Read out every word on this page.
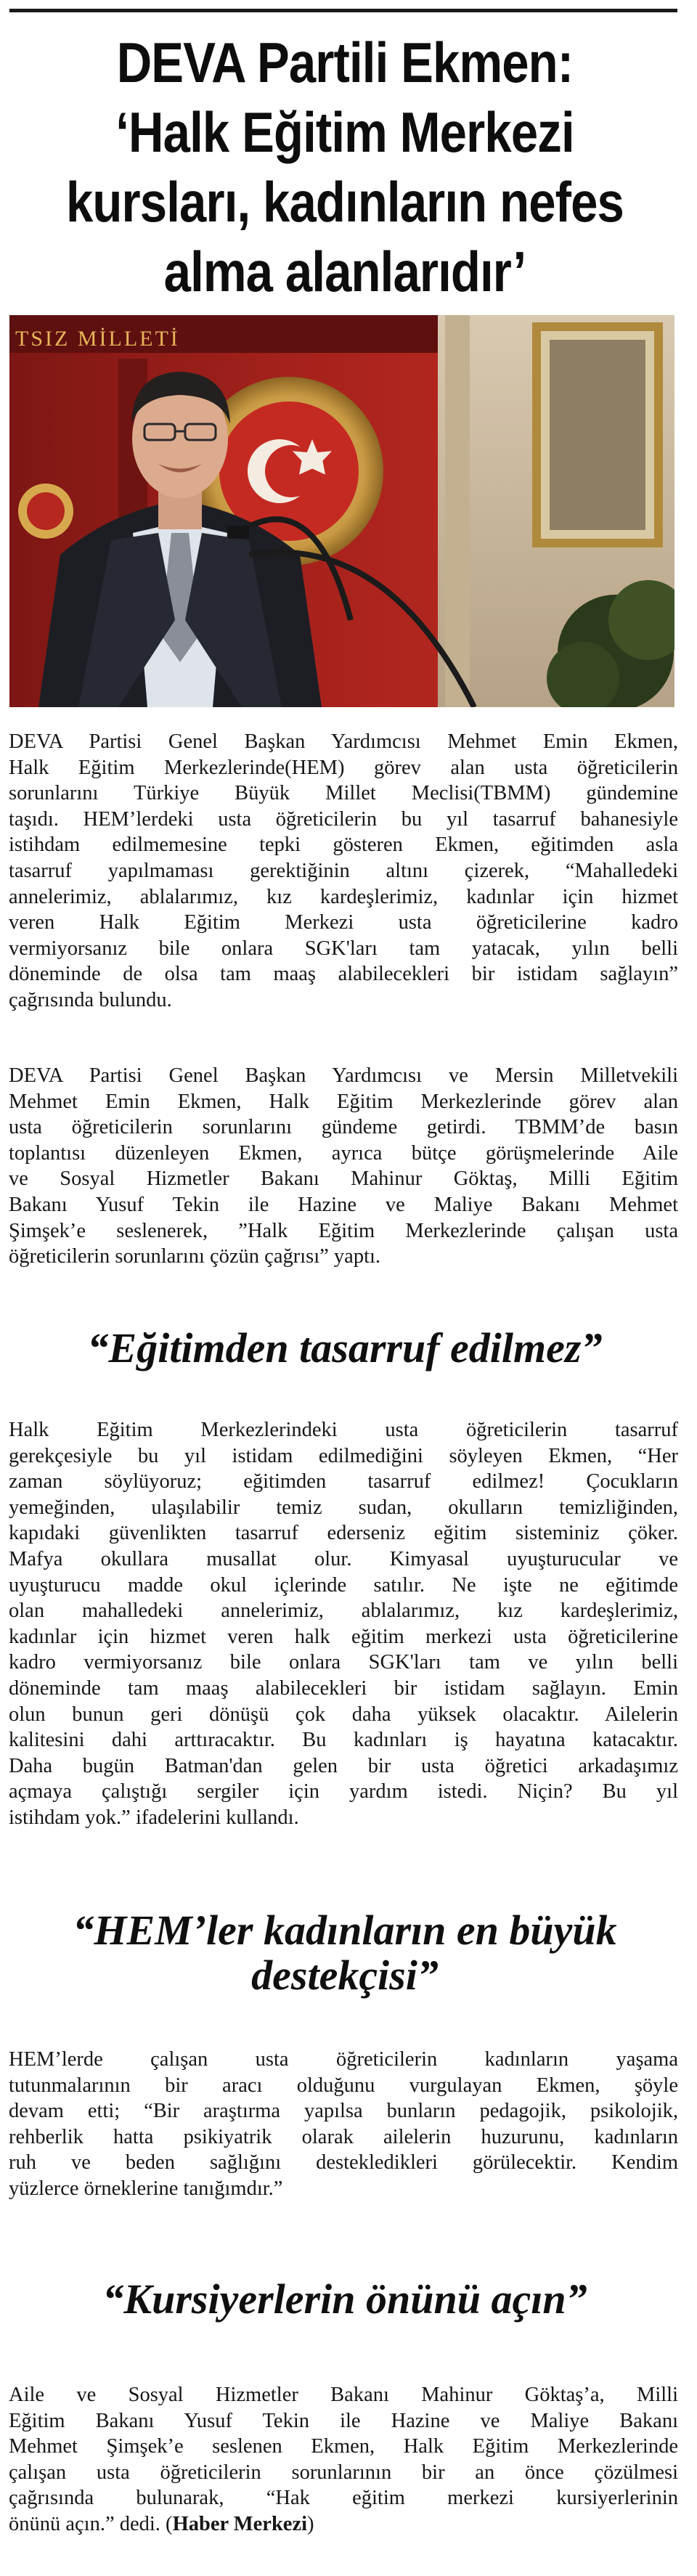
DEVA Partili Ekmen:
‘Halk Eğitim Merkezi
kursları, kadınların nefes
alma alanlarıdır’
TSIZ MİLLETİ

DEVA Partisi Genel Başkan Yardımcısı Mehmet Emin Ekmen,
Halk Eğitim Merkezlerinde(HEM) görev alan usta öğreticilerin
sorunlarını Türkiye Büyük Millet Meclisi(TBMM) gündemine
taşıdı. HEM’lerdeki usta öğreticilerin bu yıl tasarruf bahanesiyle
istihdam edilmemesine tepki gösteren Ekmen, eğitimden asla
tasarruf yapılmaması gerektiğinin altını çizerek, “Mahalledeki
annelerimiz, ablalarımız, kız kardeşlerimiz, kadınlar için hizmet
veren Halk Eğitim Merkezi usta öğreticilerine kadro
vermiyorsanız bile onlara SGK'ları tam yatacak, yılın belli
döneminde de olsa tam maaş alabilecekleri bir istidam sağlayın”
çağrısında bulundu.

DEVA Partisi Genel Başkan Yardımcısı ve Mersin Milletvekili
Mehmet Emin Ekmen, Halk Eğitim Merkezlerinde görev alan
usta öğreticilerin sorunlarını gündeme getirdi. TBMM’de basın
toplantısı düzenleyen Ekmen, ayrıca bütçe görüşmelerinde Aile
ve Sosyal Hizmetler Bakanı Mahinur Göktaş, Milli Eğitim
Bakanı Yusuf Tekin ile Hazine ve Maliye Bakanı Mehmet
Şimşek’e seslenerek, ”Halk Eğitim Merkezlerinde çalışan usta
öğreticilerin sorunlarını çözün çağrısı” yaptı.

“Eğitimden tasarruf edilmez”

Halk Eğitim Merkezlerindeki usta öğreticilerin tasarruf
gerekçesiyle bu yıl istidam edilmediğini söyleyen Ekmen, “Her
zaman söylüyoruz; eğitimden tasarruf edilmez! Çocukların
yemeğinden, ulaşılabilir temiz sudan, okulların temizliğinden,
kapıdaki güvenlikten tasarruf ederseniz eğitim sisteminiz çöker.
Mafya okullara musallat olur. Kimyasal uyuşturucular ve
uyuşturucu madde okul içlerinde satılır. Ne işte ne eğitimde
olan mahalledeki annelerimiz, ablalarımız, kız kardeşlerimiz,
kadınlar için hizmet veren halk eğitim merkezi usta öğreticilerine
kadro vermiyorsanız bile onlara SGK'ları tam ve yılın belli
döneminde tam maaş alabilecekleri bir istidam sağlayın. Emin
olun bunun geri dönüşü çok daha yüksek olacaktır. Ailelerin
kalitesini dahi arttıracaktır. Bu kadınları iş hayatına katacaktır.
Daha bugün Batman'dan gelen bir usta öğretici arkadaşımız
açmaya çalıştığı sergiler için yardım istedi. Niçin? Bu yıl
istihdam yok.” ifadelerini kullandı.

“HEM’ler kadınların en büyük
destekçisi”

HEM’lerde çalışan usta öğreticilerin kadınların yaşama
tutunmalarının bir aracı olduğunu vurgulayan Ekmen, şöyle
devam etti; “Bir araştırma yapılsa bunların pedagojik, psikolojik,
rehberlik hatta psikiyatrik olarak ailelerin huzurunu, kadınların
ruh ve beden sağlığını destekledikleri görülecektir. Kendim
yüzlerce örneklerine tanığımdır.”

“Kursiyerlerin önünü açın”

Aile ve Sosyal Hizmetler Bakanı Mahinur Göktaş’a, Milli
Eğitim Bakanı Yusuf Tekin ile Hazine ve Maliye Bakanı
Mehmet Şimşek’e seslenen Ekmen, Halk Eğitim Merkezlerinde
çalışan usta öğreticilerin sorunlarının bir an önce çözülmesi
çağrısında bulunarak, “Hak eğitim merkezi kursiyerlerinin
önünü açın.” dedi. (Haber Merkezi)
